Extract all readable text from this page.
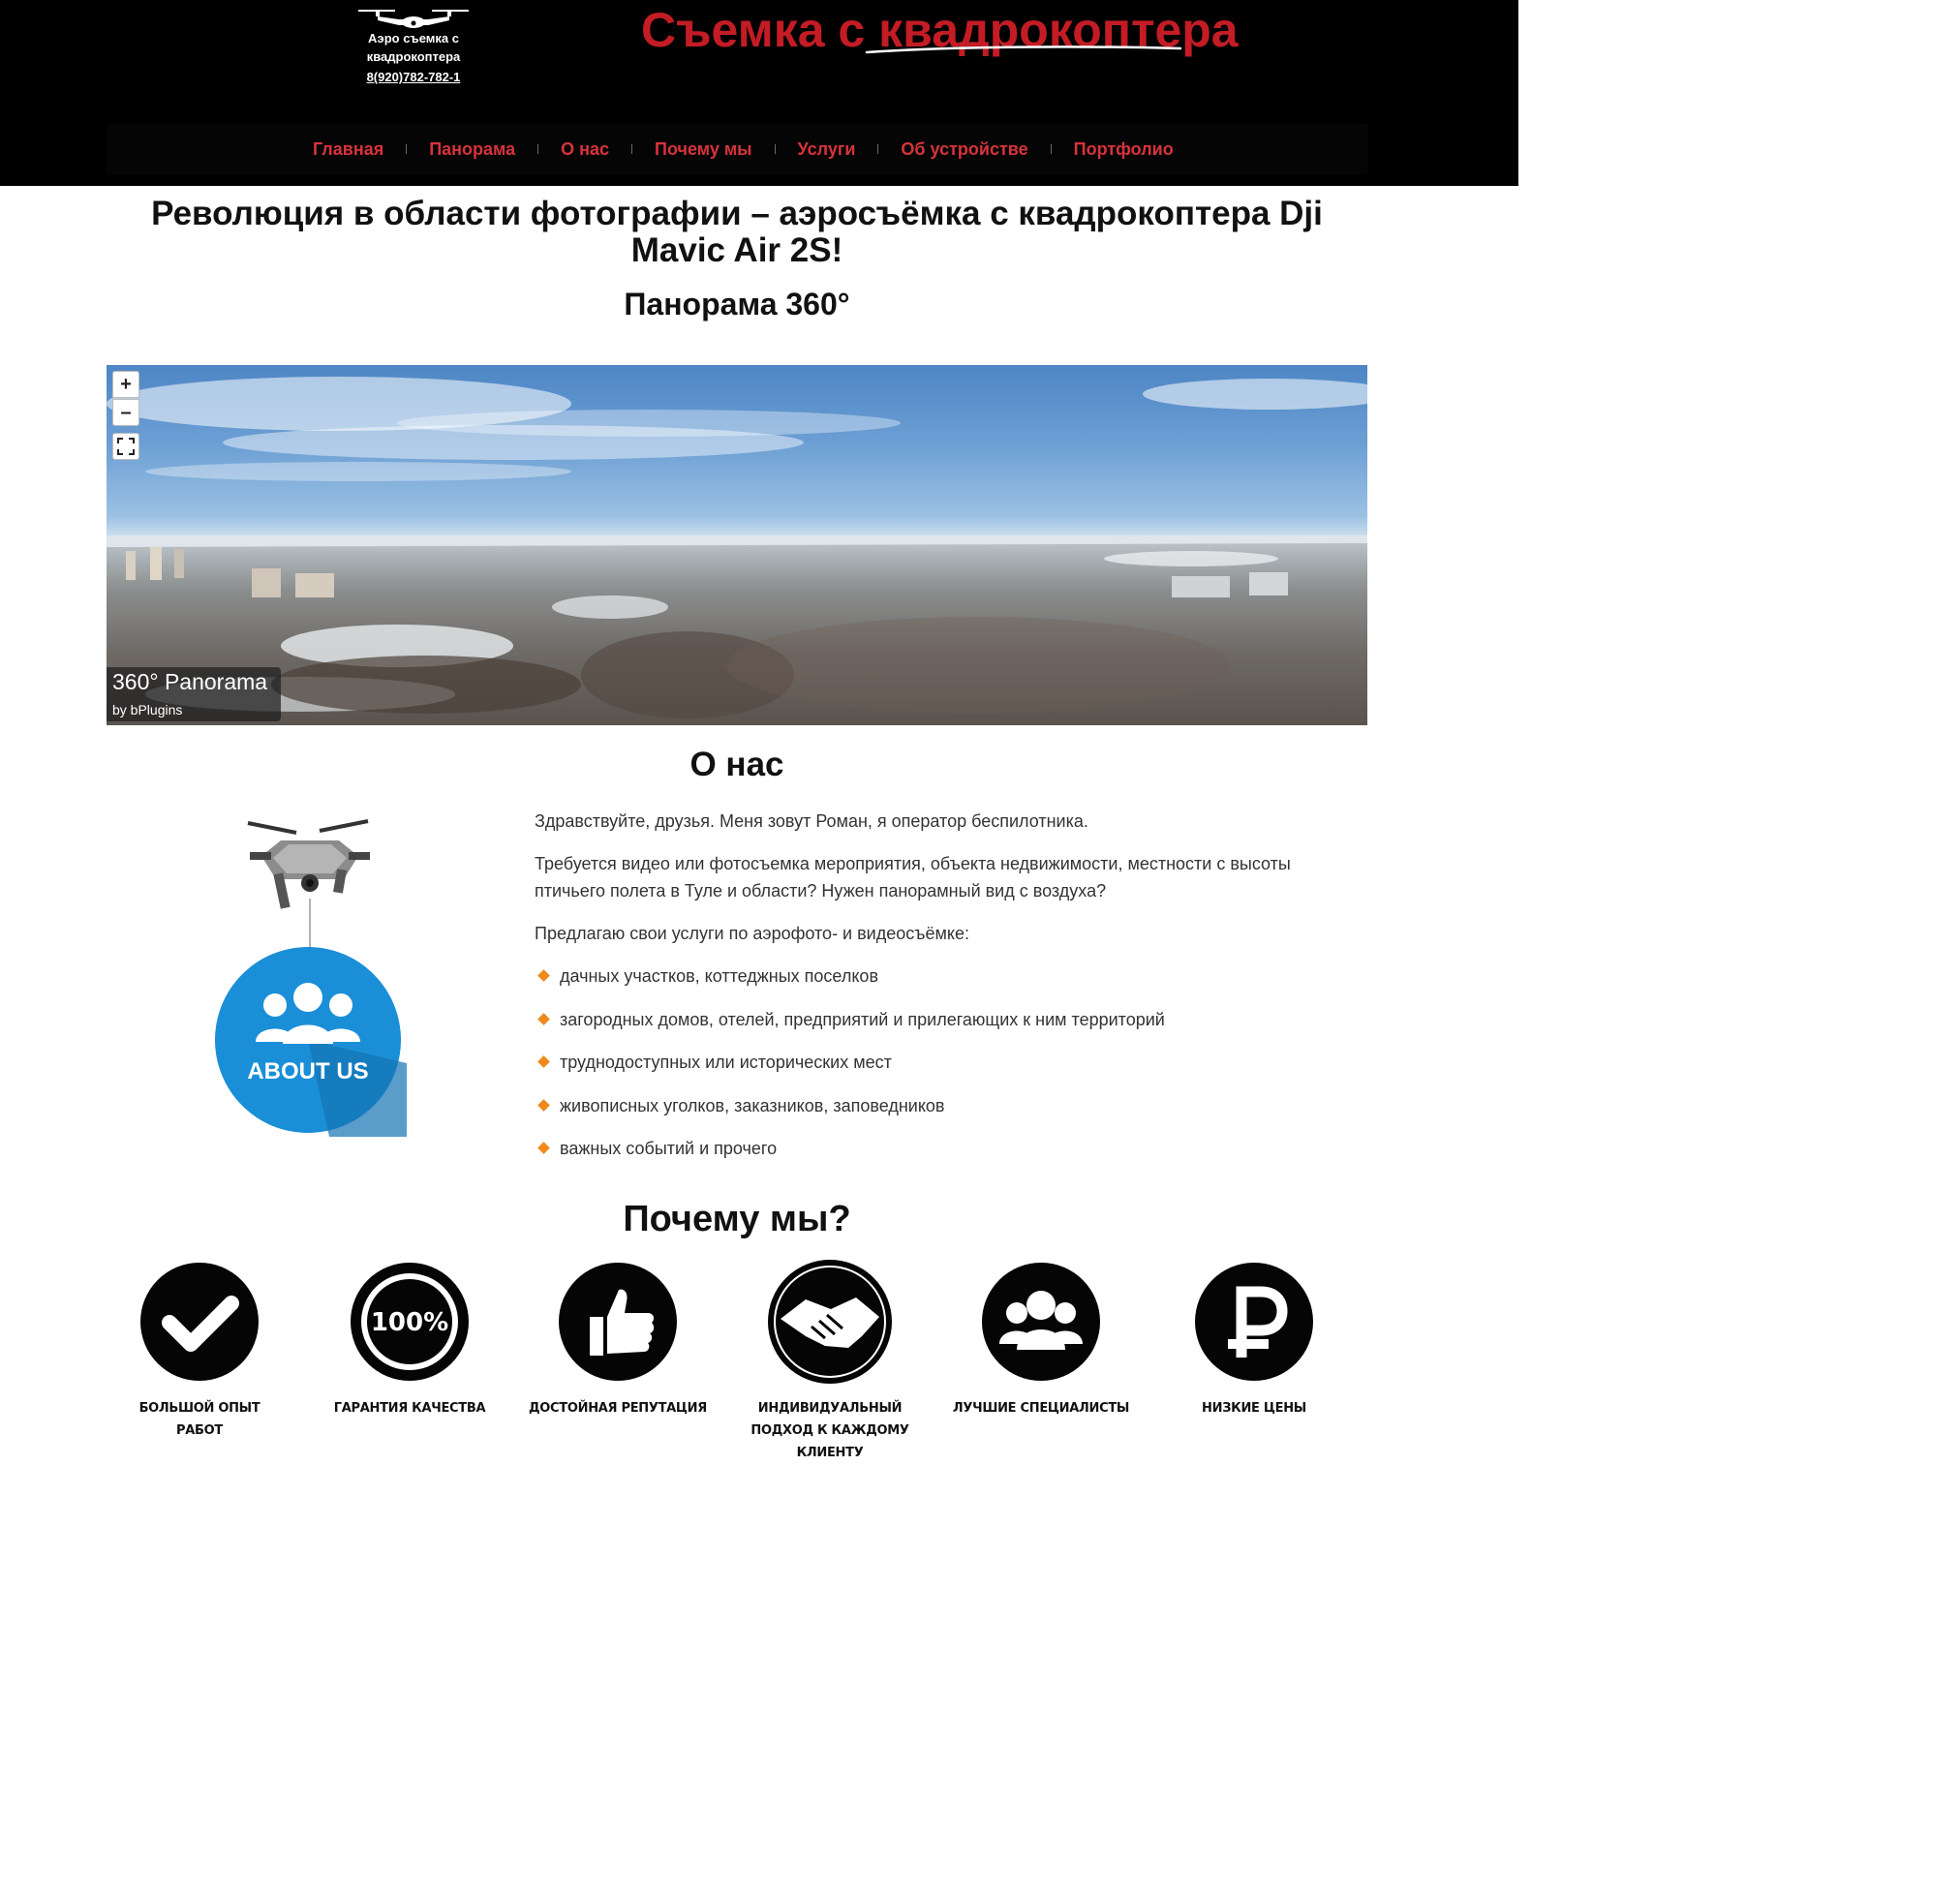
Аэро съемка с
квадрокоптера
8(920)782-782-1
Съемка с квадрокоптера
Главная	Панорама	О нас	Почему мы	Услуги	Об устройстве	Портфолио
Революция в области фотографии – аэросъёмка с квадрокоптера Dji Mavic Air 2S!
Панорама 360°
+
–
360° Panorama
by bPlugins
О нас
ABOUT US

Здравствуйте, друзья. Меня зовут Роман, я оператор беспилотника.

Требуется видео или фотосъемка мероприятия, объекта недвижимости, местности с высоты птичьего полета в Туле и области? Нужен панорамный вид с воздуха?

Предлагаю свои услуги по аэрофото- и видеосъёмке:

дачных участков, коттеджных поселков
загородных домов, отелей, предприятий и прилегающих к ним территорий
труднодоступных или исторических мест
живописных уголков, заказников, заповедников
важных событий и прочего
Почему мы?
БОЛЬШОЙ ОПЫТ
РАБОТ
100%
ГАРАНТИЯ КАЧЕСТВА	ДОСТОЙНАЯ РЕПУТАЦИЯ	ИНДИВИДУАЛЬНЫЙ
ПОДХОД К КАЖДОМУ
КЛИЕНТУ
ЛУЧШИЕ СПЕЦИАЛИСТЫ	НИЗКИЕ ЦЕНЫ
